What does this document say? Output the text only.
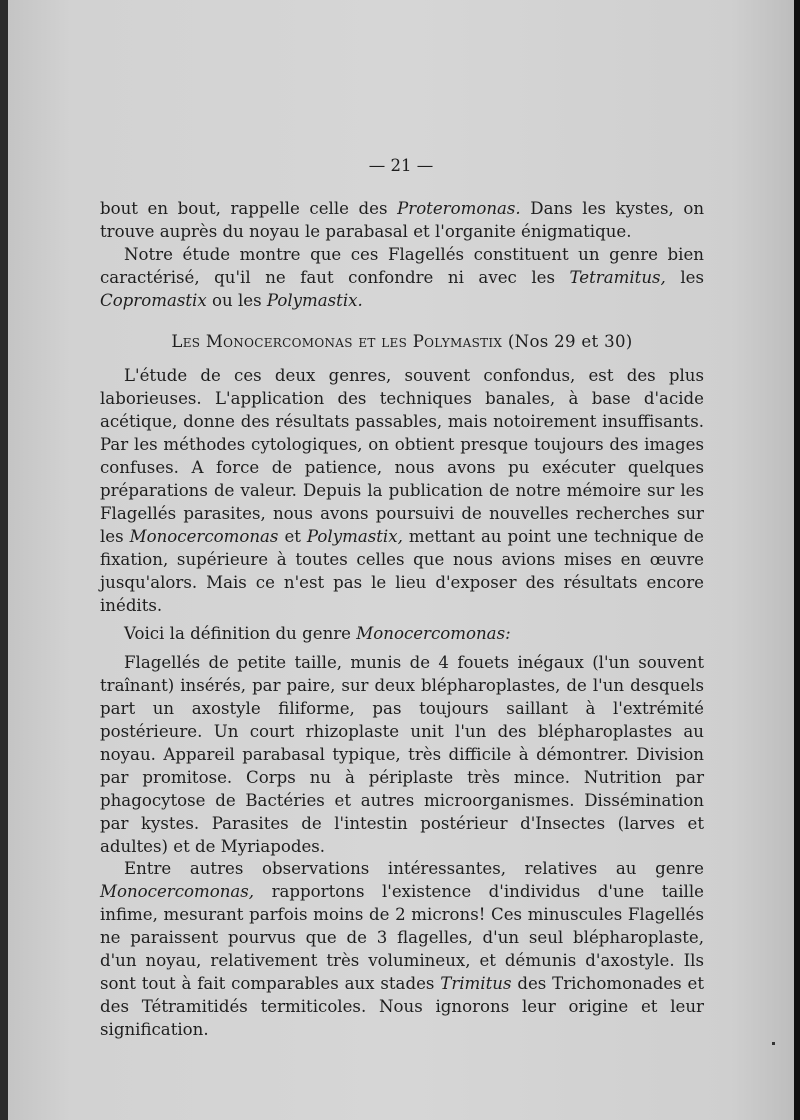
— 21 —

bout en bout, rappelle celle des Proteromonas. Dans les kystes, on trouve auprès du noyau le parabasal et l'organite énigmatique.

Notre étude montre que ces Flagellés constituent un genre bien caractérisé, qu'il ne faut confondre ni avec les Tetramitus, les Copromastix ou les Polymastix.

Les Monocercomonas et les Polymastix (Nos 29 et 30)

L'étude de ces deux genres, souvent confondus, est des plus laborieuses. L'application des techniques banales, à base d'acide acétique, donne des résultats passables, mais notoirement insuffisants. Par les méthodes cytologiques, on obtient presque toujours des images confuses. A force de patience, nous avons pu exécuter quelques préparations de valeur. Depuis la publication de notre mémoire sur les Flagellés parasites, nous avons poursuivi de nouvelles recherches sur les Monocercomonas et Polymastix, mettant au point une technique de fixation, supérieure à toutes celles que nous avions mises en œuvre jusqu'alors. Mais ce n'est pas le lieu d'exposer des résultats encore inédits.

Voici la définition du genre Monocercomonas:

Flagellés de petite taille, munis de 4 fouets inégaux (l'un souvent traînant) insérés, par paire, sur deux blépharoplastes, de l'un desquels part un axostyle filiforme, pas toujours saillant à l'extrémité postérieure. Un court rhizoplaste unit l'un des blépharoplastes au noyau. Appareil parabasal typique, très difficile à démontrer. Division par promitose. Corps nu à périplaste très mince. Nutrition par phagocytose de Bactéries et autres microorganismes. Dissémination par kystes. Parasites de l'intestin postérieur d'Insectes (larves et adultes) et de Myriapodes.

Entre autres observations intéressantes, relatives au genre Monocercomonas, rapportons l'existence d'individus d'une taille infime, mesurant parfois moins de 2 microns! Ces minuscules Flagellés ne paraissent pourvus que de 3 flagelles, d'un seul blépharoplaste, d'un noyau, relativement très volumineux, et démunis d'axostyle. Ils sont tout à fait comparables aux stades Trimitus des Trichomonades et des Tétramitidés termiticoles. Nous ignorons leur origine et leur signification.
